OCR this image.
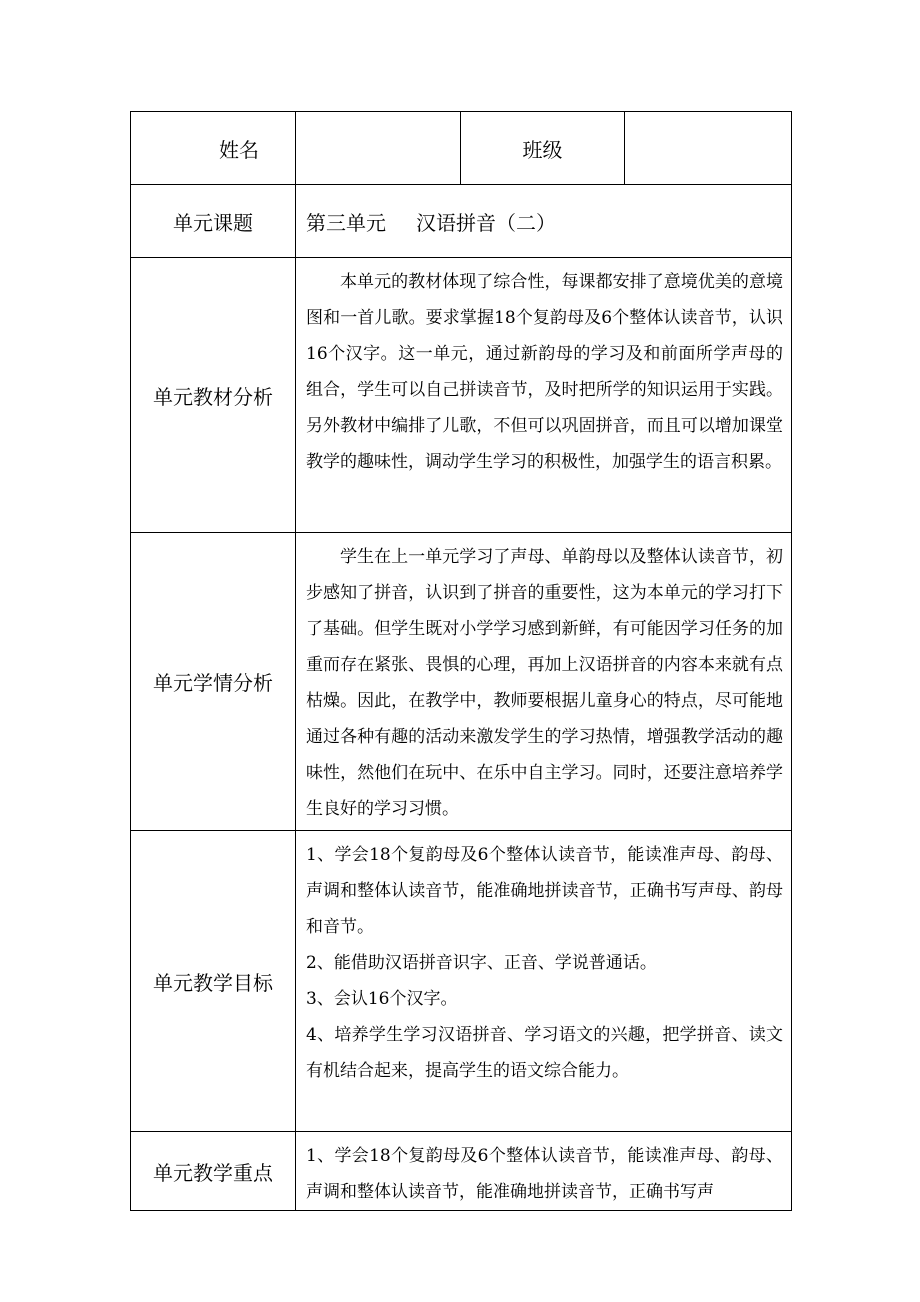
姓名		班级	
单元课题	第三单元 汉语拼音（二）		
单元教材分析	本单元的教材体现了综合性，每课都安排了意境优美的意境图和一首儿歌。要求掌握18个复韵母及6个整体认读音节，认识16个汉字。这一单元，通过新韵母的学习及和前面所学声母的组合，学生可以自己拼读音节，及时把所学的知识运用于实践。另外教材中编排了儿歌，不但可以巩固拼音，而且可以增加课堂教学的趣味性，调动学生学习的积极性，加强学生的语言积累。		

单元学情分析	学生在上一单元学习了声母、单韵母以及整体认读音节，初步感知了拼音，认识到了拼音的重要性，这为本单元的学习打下了基础。但学生既对小学学习感到新鲜，有可能因学习任务的加重而存在紧张、畏惧的心理，再加上汉语拼音的内容本来就有点枯燥。因此，在教学中，教师要根据儿童身心的特点，尽可能地通过各种有趣的活动来激发学生的学习热情，增强教学活动的趣味性，然他们在玩中、在乐中自主学习。同时，还要注意培养学生良好的学习习惯。		

单元教学目标	1、学会18个复韵母及6个整体认读音节，能读准声母、韵母、声调和整体认读音节，能准确地拼读音节，正确书写声母、韵母和音节。

2、能借助汉语拼音识字、正音、学说普通话。

3、会认16个汉字。

4、培养学生学习汉语拼音、学习语文的兴趣，把学拼音、读文有机结合起来，提高学生的语文综合能力。		

单元教学重点	1、学会18个复韵母及6个整体认读音节，能读准声母、韵母、声调和整体认读音节，能准确地拼读音节，正确书写声		
